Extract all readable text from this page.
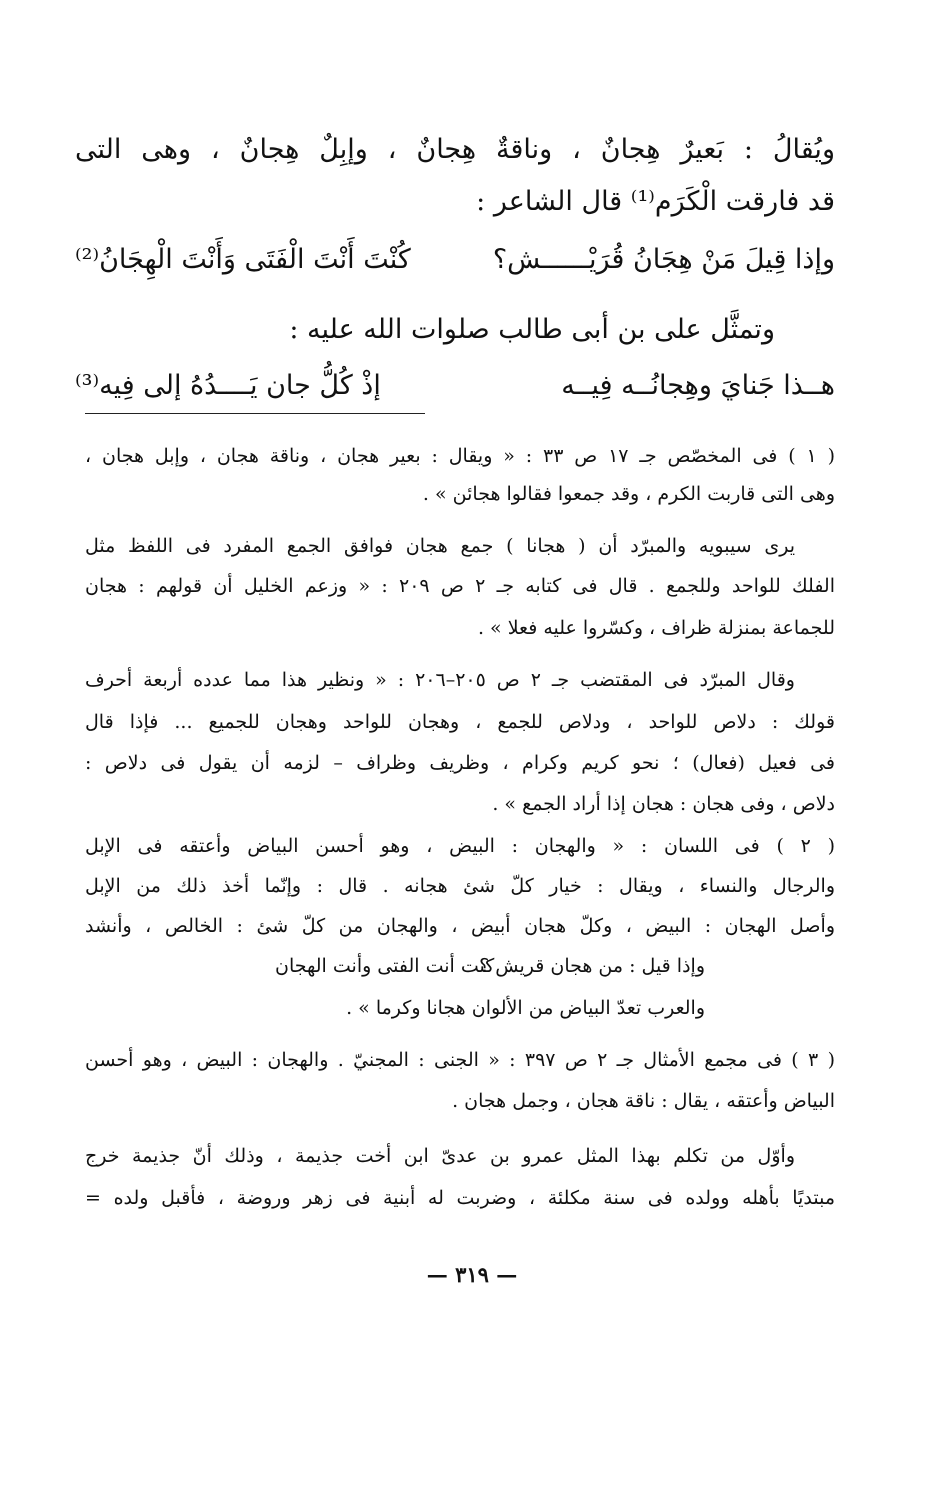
ويُقالُ : بَعيرٌ هِجانٌ ، وناقةٌ هِجانٌ ، وإبِلٌ هِجانٌ ، وهى التى
قد فارقت الْكَرَم⁽¹⁾ قال الشاعر :
وإذا قِيلَ مَنْ هِجَانُ قُرَيْــــــش؟
كُنْتَ أَنْتَ الْفَتَى وَأَنْتَ الْهِجَانُ⁽²⁾
وتمثَّل على بن أبى طالب صلوات الله عليه :
هــذا جَنايَ وهِجانُــه فِيــه
إذْ كُلُّ جان يَــــدُهُ إلى فِيه⁽³⁾
( ١ ) فى المخصّص جـ ١٧ ص ٣٣ : « ويقال : بعير هجان ، وناقة هجان ، وإبل هجان ،
وهى التى قاربت الكرم ، وقد جمعوا فقالوا هجائن » .
يرى سيبويه والمبرّد أن ( هجانا ) جمع هجان فوافق الجمع المفرد فى اللفظ مثل
الفلك للواحد وللجمع . قال فى كتابه جـ ٢ ص ٢٠٩ : « وزعم الخليل أن قولهم : هجان
للجماعة بمنزلة ظراف ، وكسّروا عليه فعلا » .
وقال المبرّد فى المقتضب جـ ٢ ص ٢٠٥–٢٠٦ : « ونظير هذا مما عدده أربعة أحرف
قولك : دلاص للواحد ، ودلاص للجمع ، وهجان للواحد وهجان للجميع ... فإذا قال
فى فعيل (فعال) ؛ نحو كريم وكرام ، وظريف وظراف – لزمه أن يقول فى دلاص :
دلاص ، وفى هجان : هجان إذا أراد الجمع » .
( ٢ ) فى اللسان : « والهجان : البيض ، وهو أحسن البياض وأعتقه فى الإبل
والرجال والنساء ، ويقال : خيار كلّ شئ هجانه . قال : وإنّما أخذ ذلك من الإبل
وأصل الهجان : البيض ، وكلّ هجان أبيض ، والهجان من كلّ شئ : الخالص ، وأنشد
وإذا قيل : من هجان قريش ؟
كنت أنت الفتى وأنت الهجان
والعرب تعدّ البياض من الألوان هجانا وكرما » .
( ٣ ) فى مجمع الأمثال جـ ٢ ص ٣٩٧ : « الجنى : المجنيّ . والهجان : البيض ، وهو أحسن
البياض وأعتقه ، يقال : ناقة هجان ، وجمل هجان .
وأوّل من تكلم بهذا المثل عمرو بن عدىّ ابن أخت جذيمة ، وذلك أنّ جذيمة خرج
مبتديًا بأهله وولده فى سنة مكلئة ، وضربت له أبنية فى زهر وروضة ، فأقبل ولده =
— ٣١٩ —
